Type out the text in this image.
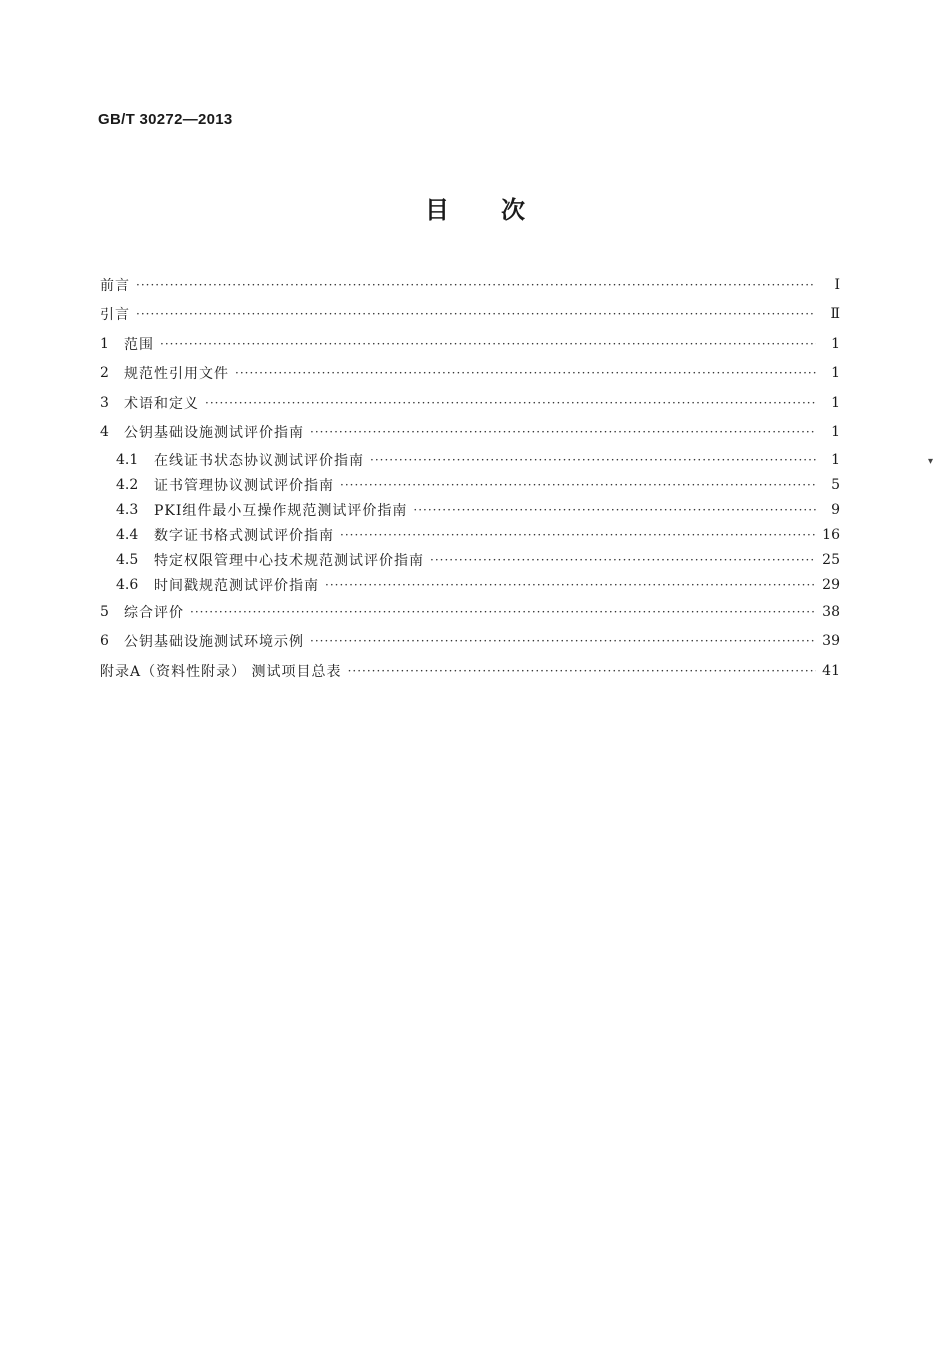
GB/T 30272—2013
目次
前言 ·····	Ⅰ
引言 ·····	Ⅱ
1	范围 ·····	1
2	规范性引用文件 ·····	1
3	术语和定义 ·····	1
4	公钥基础设施测试评价指南 ·····	1
4.1	在线证书状态协议测试评价指南 ·····	1
4.2	证书管理协议测试评价指南 ·····	5
4.3	PKI组件最小互操作规范测试评价指南 ·····	9
4.4	数字证书格式测试评价指南 ·····	16
4.5	特定权限管理中心技术规范测试评价指南 ·····	25
4.6	时间戳规范测试评价指南 ·····	29
5	综合评价 ·····	38
6	公钥基础设施测试环境示例 ·····	39
附录A（资料性附录） 测试项目总表 ·····	41
▾
